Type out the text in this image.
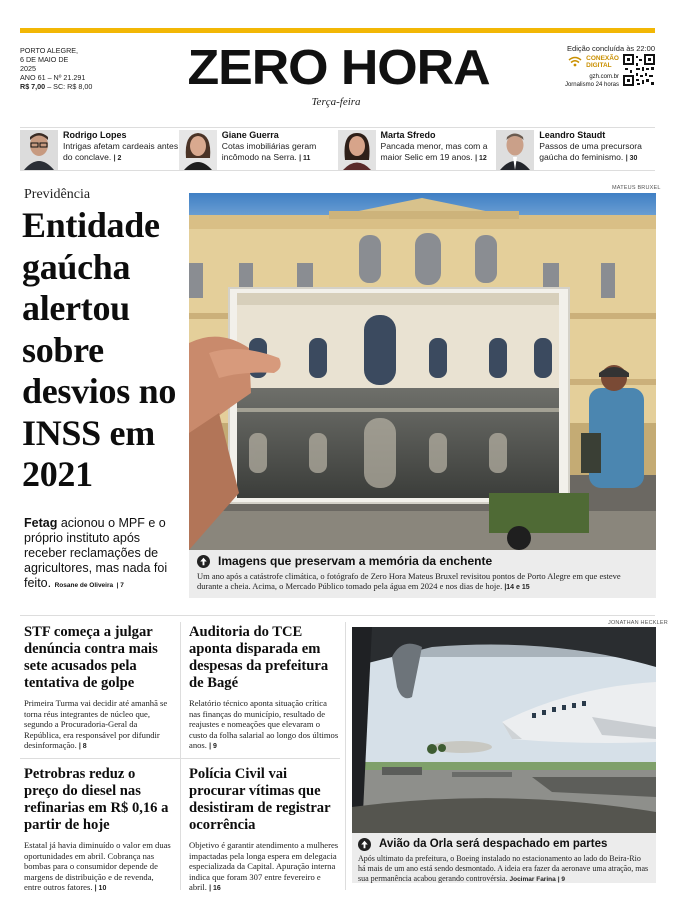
PORTO ALEGRE,
6 DE MAIO DE
2025
ANO 61 – Nº 21.291
R$ 7,00 – SC: R$ 8,00	ZERO HORA
Terça-feira
Edição concluída às 22:00

CONEXÃO
DIGITAL
gzh.com.br
Jornalismo 24 horas
Rodrigo Lopes
Intrigas afetam cardeais antes do conclave. | 2
Giane Guerra
Cotas imobiliárias geram incômodo na Serra. | 11
Marta Sfredo
Pancada menor, mas com a maior Selic em 19 anos. | 12
Leandro Staudt
Passos de uma precursora gaúcha do feminismo. | 30
Previdência
Entidade gaúcha alertou sobre desvios no INSS em 2021
Fetag acionou o MPF e o próprio instituto após receber reclamações de agricultores, mas nada foi feito. Rosane de Oliveira | 7
MATEUS BRUXEL
Imagens que preservam a memória da enchente
Um ano após a catástrofe climática, o fotógrafo de Zero Hora Mateus Bruxel revisitou pontos de Porto Alegre em que esteve durante a cheia. Acima, o Mercado Público tomado pela água em 2024 e nos dias de hoje. |14 e 15
STF começa a julgar denúncia contra mais sete acusados pela tentativa de golpe
Primeira Turma vai decidir até amanhã se torna réus integrantes de núcleo que, segundo a Procuradoria-Geral da República, era responsável por difundir desinformação. | 8
Auditoria do TCE aponta disparada em despesas da prefeitura de Bagé
Relatório técnico aponta situação crítica nas finanças do município, resultado de reajustes e nomeações que elevaram o custo da folha salarial ao longo dos últimos anos. | 9
Petrobras reduz o preço do diesel nas refinarias em R$ 0,16 a partir de hoje
Estatal já havia diminuído o valor em duas oportunidades em abril. Cobrança nas bombas para o consumidor depende de margens de distribuição e de revenda, entre outros fatores. | 10
Polícia Civil vai procurar vítimas que desistiram de registrar ocorrência
Objetivo é garantir atendimento a mulheres impactadas pela longa espera em delegacia especializada da Capital. Apuração interna indica que foram 307 entre fevereiro e abril. | 16
JONATHAN HECKLER
Avião da Orla será despachado em partes
Após ultimato da prefeitura, o Boeing instalado no estacionamento ao lado do Beira-Rio há mais de um ano está sendo desmontado. A ideia era fazer da aeronave uma atração, mas sua permanência acabou gerando controvérsia. Jocimar Farina | 9
